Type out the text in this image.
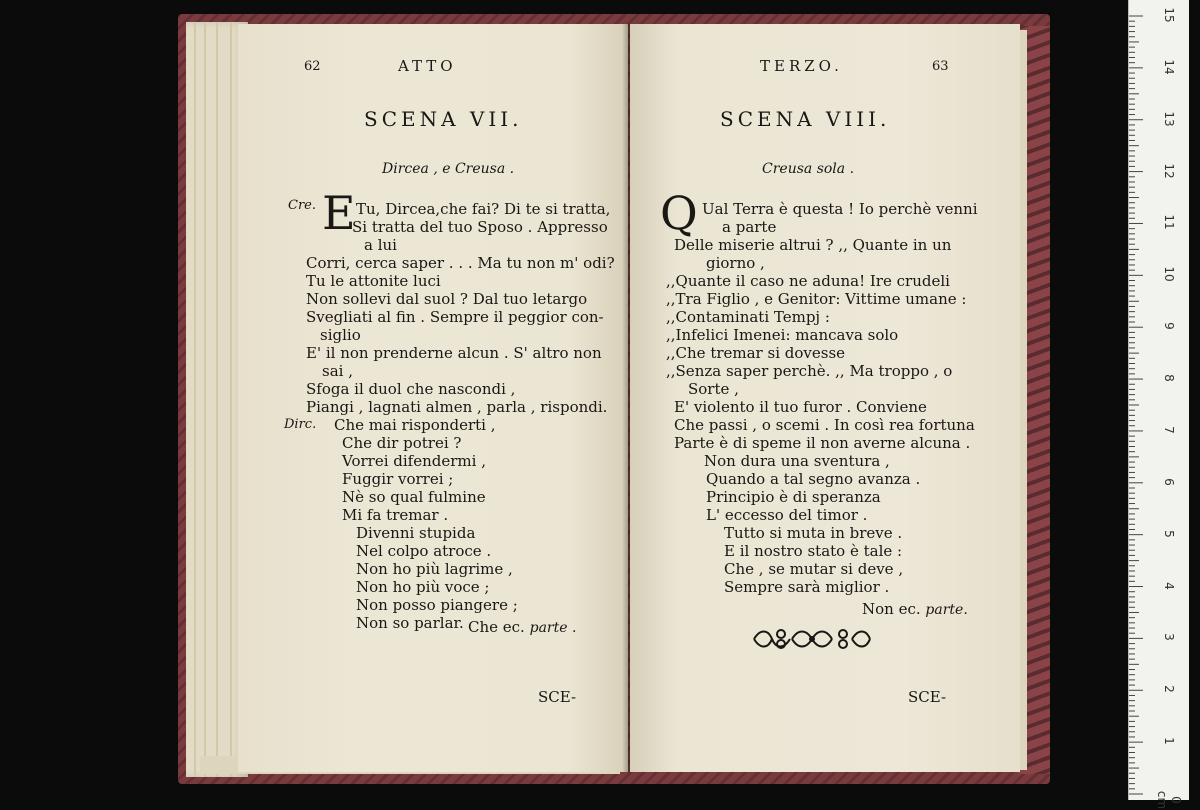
62	ATTO
SCENA VII.
Dircea , e Creusa .
Cre. E Tu, Dircea,che fai? Di te si tratta,
Si tratta del tuo Sposo . Appresso
a lui
Corri, cerca saper . . . Ma tu non m' odi?
Tu le attonite luci
Non sollevi dal suol ? Dal tuo letargo
Svegliati al fin . Sempre il peggior con-
siglio
E' il non prenderne alcun . S' altro non
sai ,
Sfoga il duol che nascondi ,
Piangi , lagnati almen , parla , rispondi.
Dirc. Che mai risponderti ,
Che dir potrei ?
Vorrei difendermi ,
Fuggir vorrei ;
Nè so qual fulmine
Mi fa tremar .
Divenni stupida
Nel colpo atroce .
Non ho più lagrime ,
Non ho più voce ;
Non posso piangere ;
Non so parlar. Che ec. parte .
SCE-
TERZO.	63
SCENA VIII.
Creusa sola .
Q Ual Terra è questa ! Io perchè venni
a parte
Delle miserie altrui ? ,, Quante in un
giorno ,
,,Quante il caso ne aduna! Ire crudeli
,,Tra Figlio , e Genitor: Vittime umane :
,,Contaminati Tempj :
,,Infelici Imenei: mancava solo
,,Che tremar si dovesse
,,Senza saper perchè. ,, Ma troppo , o
Sorte ,
E' violento il tuo furor . Conviene
Che passi , o scemi . In così rea fortuna
Parte è di speme il non averne alcuna .
Non dura una sventura ,
Quando a tal segno avanza .
Principio è di speranza
L' eccesso del timor .
Tutto si muta in breve .
E il nostro stato è tale :
Che , se mutar si deve ,
Sempre sarà miglior .
Non ec. parte.
SCE-
15
14
13
12
11
10
9
8
7
6
5
4
3
2
1
0 cm
